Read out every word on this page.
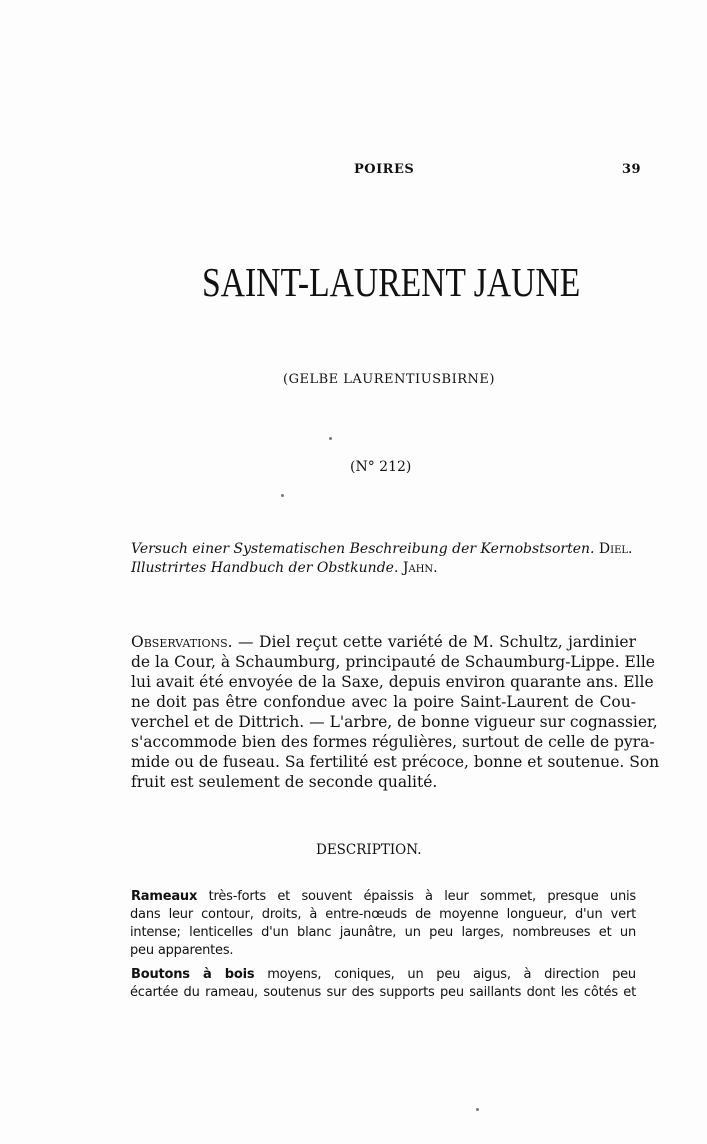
POIRES	39
SAINT-LAURENT JAUNE
(GELBE LAURENTIUSBIRNE)
(N° 212)
Versuch einer Systematischen Beschreibung der Kernobstsorten. Diel.
Illustrirtes Handbuch der Obstkunde. Jahn.
Observations. — Diel reçut cette variété de M. Schultz, jardinier
de la Cour, à Schaumburg, principauté de Schaumburg-Lippe. Elle
lui avait été envoyée de la Saxe, depuis environ quarante ans. Elle
ne doit pas être confondue avec la poire Saint-Laurent de Cou-
verchel et de Dittrich. — L'arbre, de bonne vigueur sur cognassier,
s'accommode bien des formes régulières, surtout de celle de pyra-
mide ou de fuseau. Sa fertilité est précoce, bonne et soutenue. Son
fruit est seulement de seconde qualité.
DESCRIPTION.
Rameaux très-forts et souvent épaissis à leur sommet, presque unis
dans leur contour, droits, à entre-nœuds de moyenne longueur, d'un vert
intense; lenticelles d'un blanc jaunâtre, un peu larges, nombreuses et un
peu apparentes.
Boutons à bois moyens, coniques, un peu aigus, à direction peu
écartée du rameau, soutenus sur des supports peu saillants dont les côtés et
